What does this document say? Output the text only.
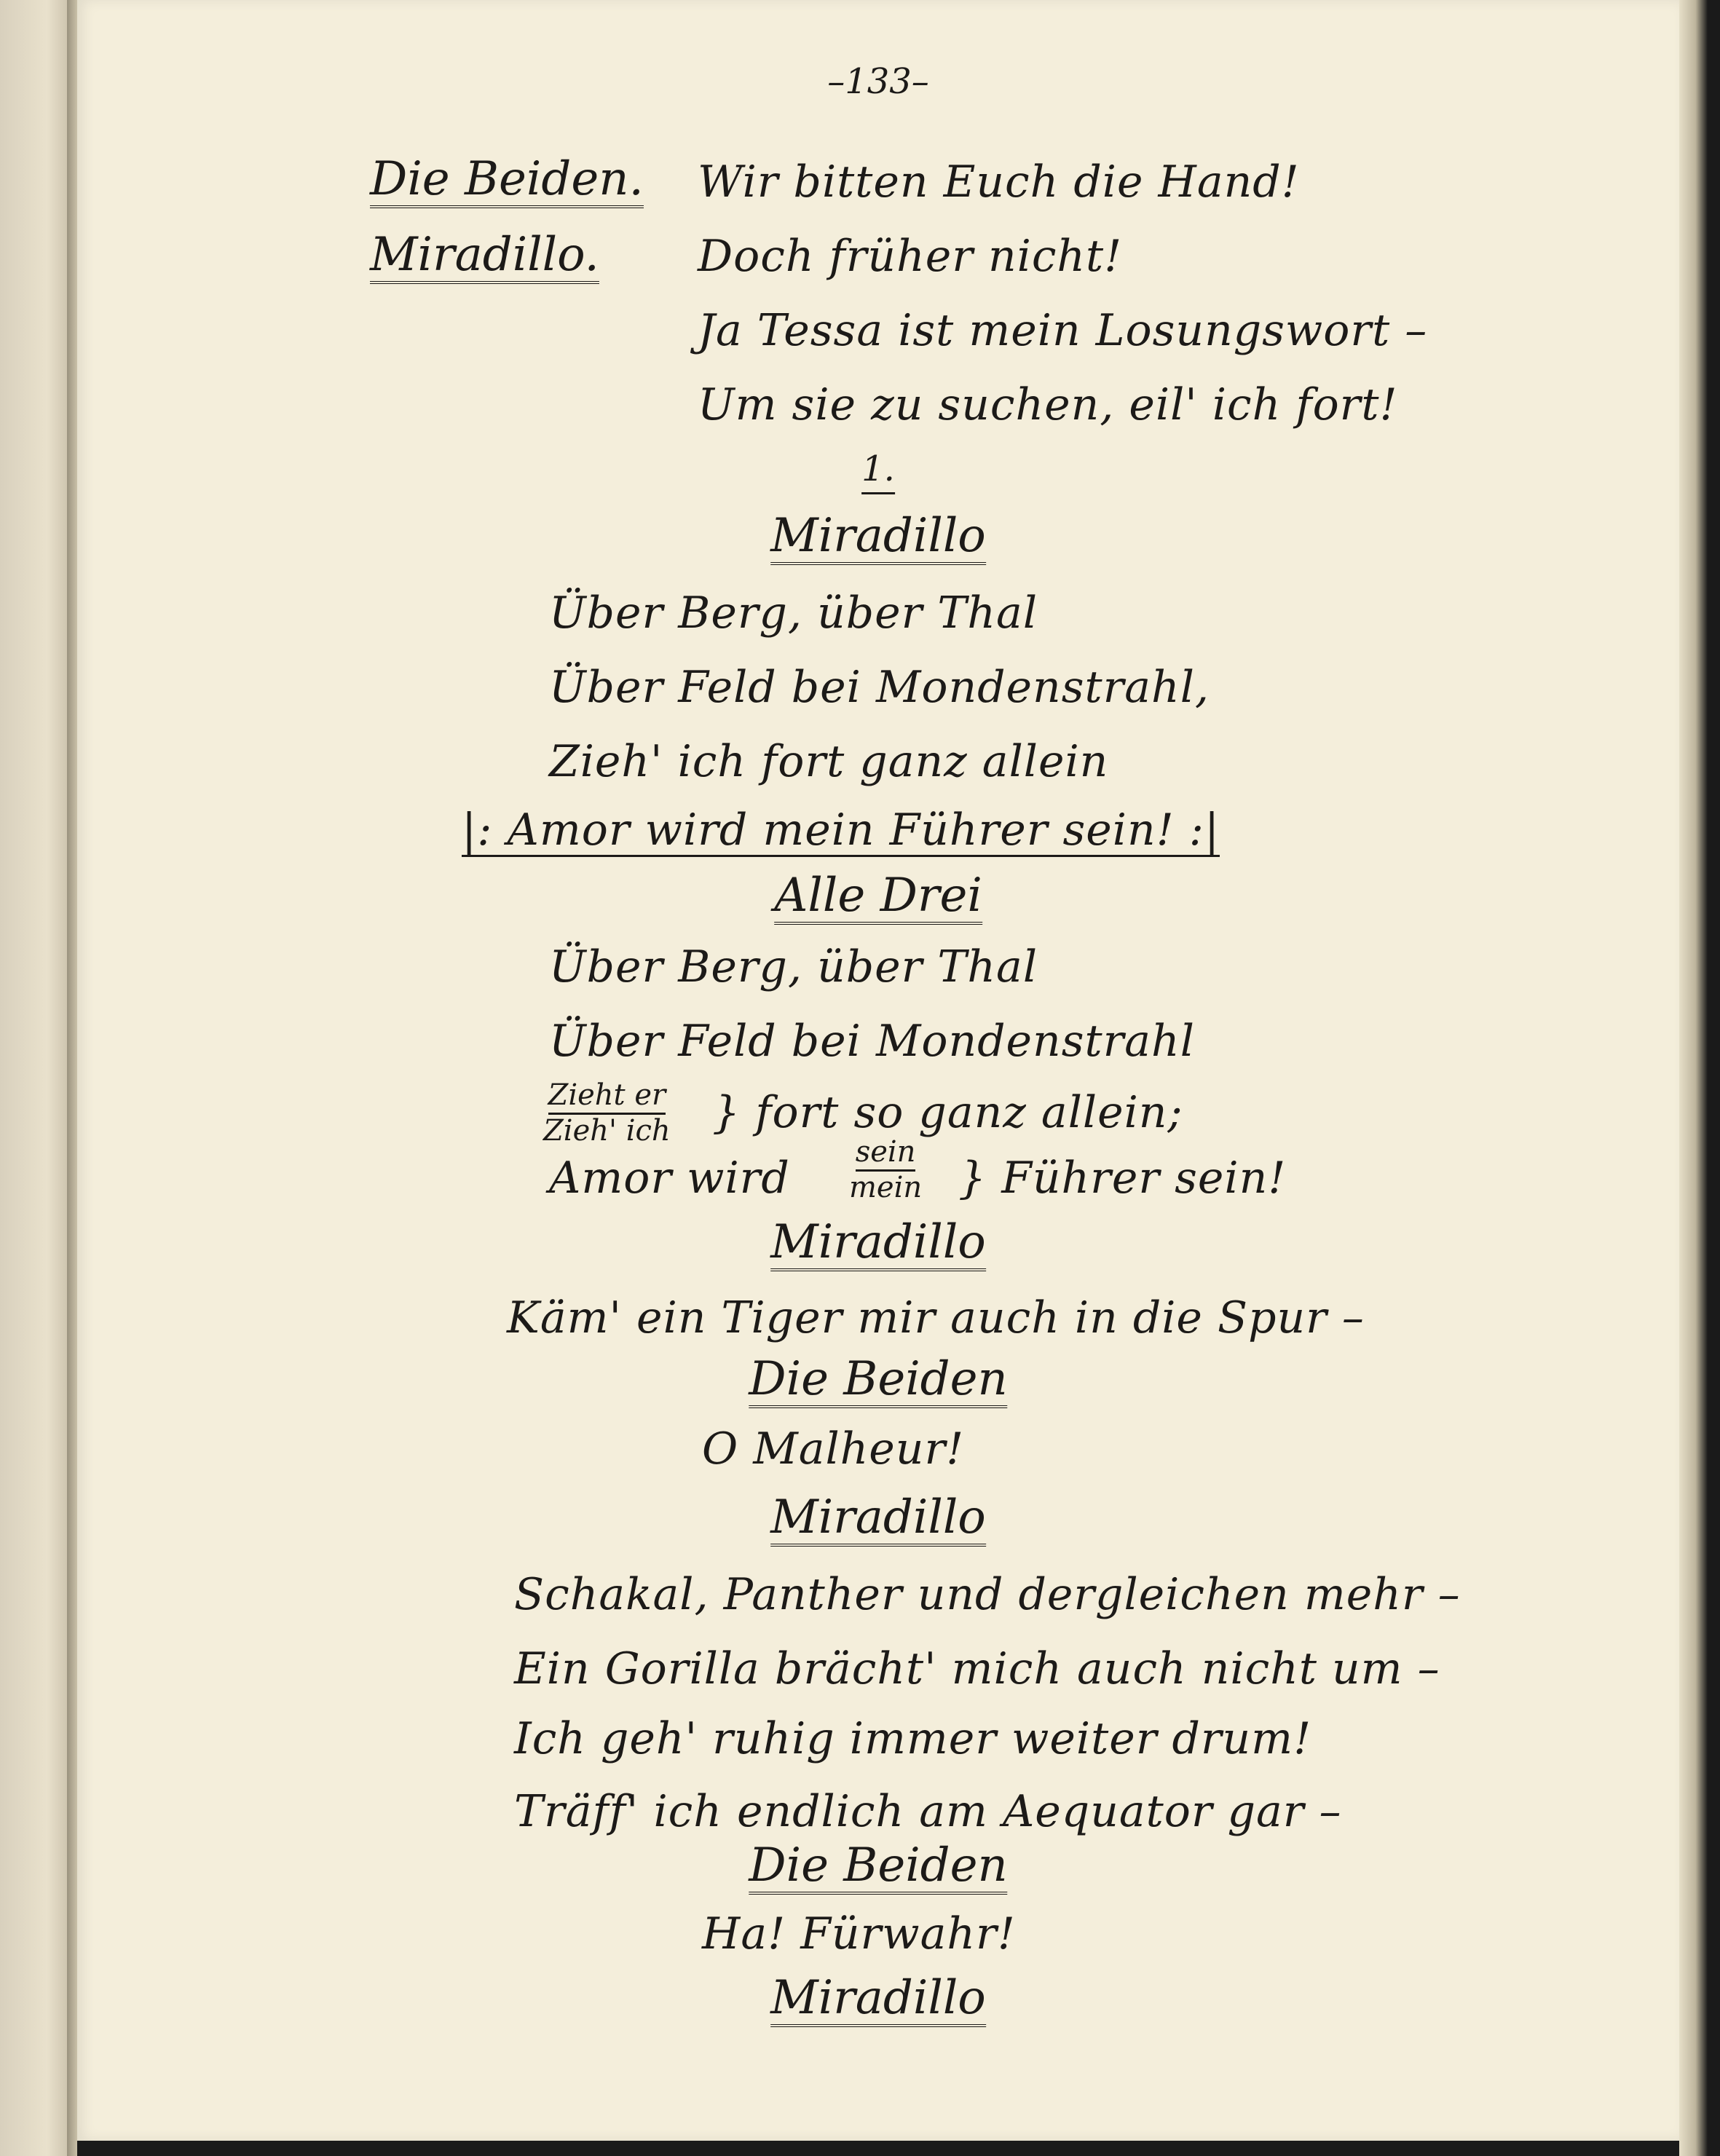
–133–
Die Beiden. Wir bitten Euch die Hand!
Miradillo. Doch früher nicht!
Ja Tessa ist mein Losungswort –
Um sie zu suchen, eil' ich fort!
1.
Miradillo
Über Berg, über Thal
Über Feld bei Mondenstrahl,
Zieh' ich fort ganz allein
|: Amor wird mein Führer sein! :|
Alle Drei
Über Berg, über Thal
Über Feld bei Mondenstrahl
Zieht er
Zieh' ich } fort so ganz allein;
Amor wird
sein
mein } Führer sein!
Miradillo
Käm' ein Tiger mir auch in die Spur –
Die Beiden
O Malheur!
Miradillo
Schakal, Panther und dergleichen mehr –
Ein Gorilla brächt' mich auch nicht um –
Ich geh' ruhig immer weiter drum!
Träff' ich endlich am Aequator gar –
Die Beiden
Ha! Fürwahr!
Miradillo
